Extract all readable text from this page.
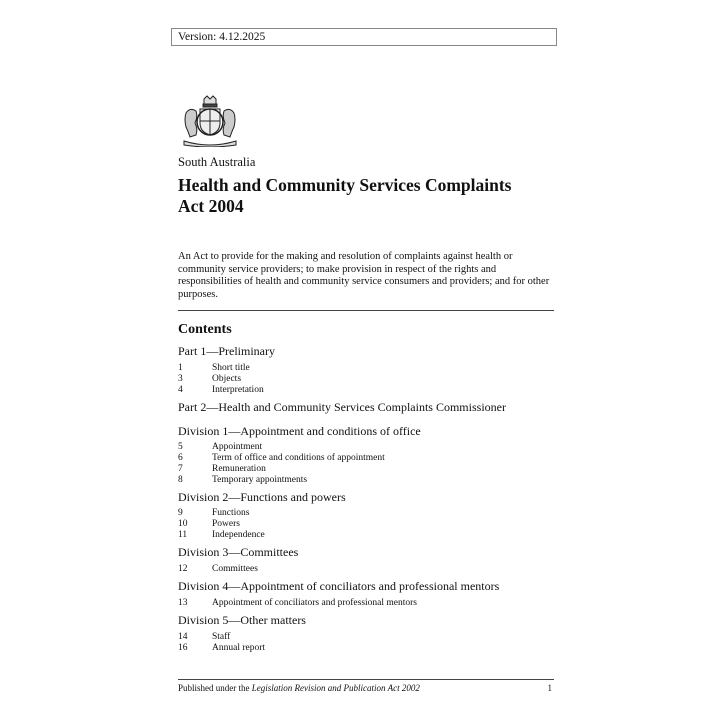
Version: 4.12.2025
South Australia
Health and Community Services Complaints
Act 2004
An Act to provide for the making and resolution of complaints against health or community service providers; to make provision in respect of the rights and responsibilities of health and community service consumers and providers; and for other purposes.
Contents
Part 1—Preliminary
1	Short title
3	Objects
4	Interpretation
Part 2—Health and Community Services Complaints Commissioner
Division 1—Appointment and conditions of office
5	Appointment
6	Term of office and conditions of appointment
7	Remuneration
8	Temporary appointments
Division 2—Functions and powers
9	Functions
10	Powers
11	Independence
Division 3—Committees
12	Committees
Division 4—Appointment of conciliators and professional mentors
13	Appointment of conciliators and professional mentors
Division 5—Other matters
14	Staff
16	Annual report
Published under the Legislation Revision and Publication Act 2002	1
